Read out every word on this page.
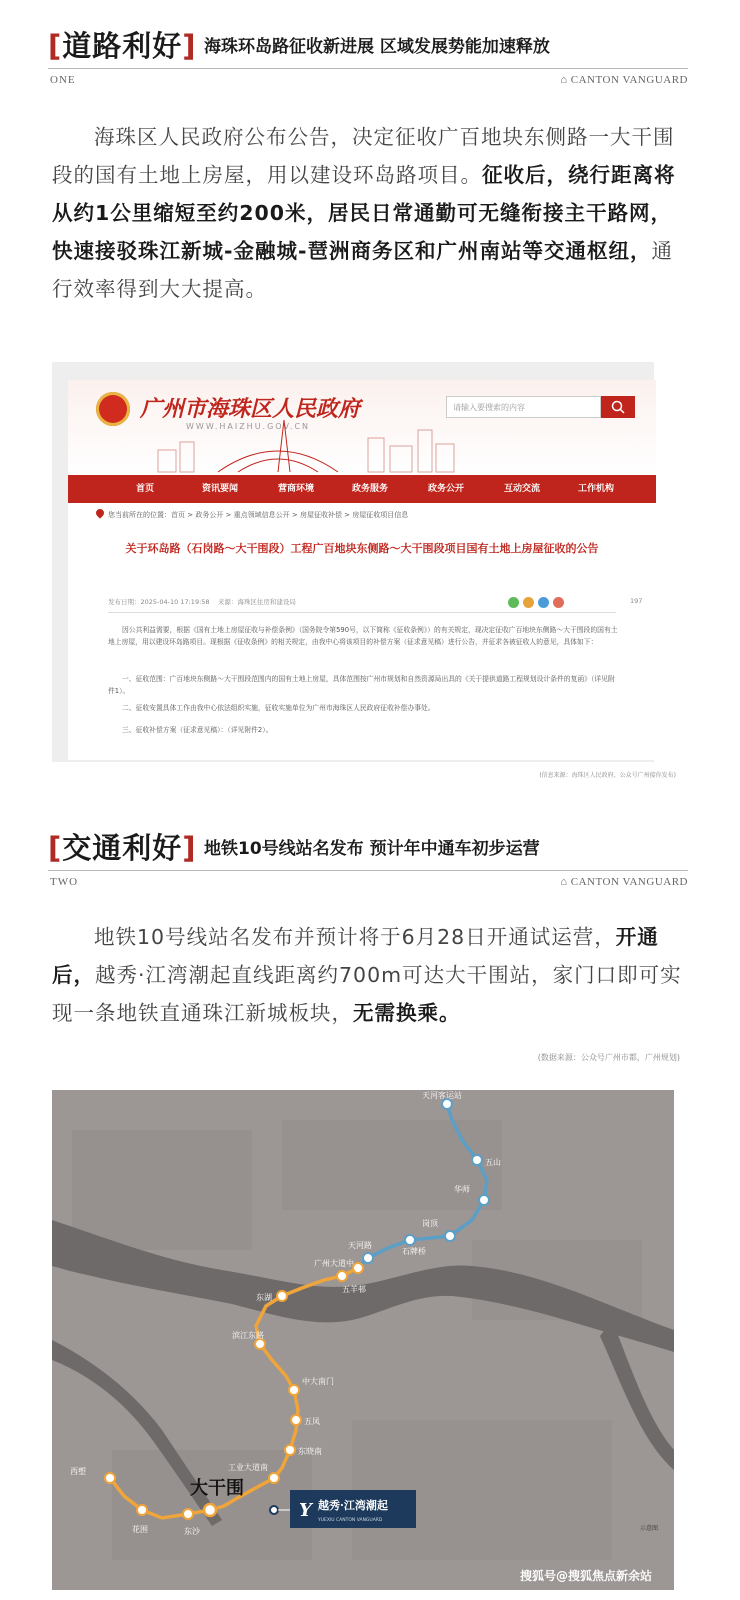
[道路利好] 海珠环岛路征收新进展 区域发展势能加速释放
ONE	⌂ CANTON VANGUARD
海珠区人民政府公布公告，决定征收广百地块东侧路一大干围段的国有土地上房屋，用以建设环岛路项目。征收后，绕行距离将从约1公里缩短至约200米，居民日常通勤可无缝衔接主干路网，快速接驳珠江新城-金融城-琶洲商务区和广州南站等交通枢纽，通行效率得到大大提高。
广州市海珠区人民政府
WWW.HAIZHU.GOV.CN
请输入要搜索的内容
首页	资讯要闻	营商环境	政务服务	政务公开	互动交流	工作机构
您当前所在的位置：首页 > 政务公开 > 重点领域信息公开 > 房屋征收补偿 > 房屋征收项目信息
关于环岛路（石岗路～大干围段）工程广百地块东侧路～大干围段项目国有土地上房屋征收的公告
发布日期：2025-04-10 17:19:58 来源：海珠区住房和建设局	197
因公共利益需要，根据《国有土地上房屋征收与补偿条例》（国务院令第590号，以下简称《征收条例》）的有关规定，现决定征收广百地块东侧路～大干围段的国有土地上房屋，用以建设环岛路项目。现根据《征收条例》的相关规定，由我中心将该项目的补偿方案（征求意见稿）进行公告，并征求各被征收人的意见，具体如下：
一、征收范围：广百地块东侧路～大干围段范围内的国有土地上房屋，具体范围按广州市规划和自然资源局出具的《关于提供道路工程规划设计条件的复函》（详见附件1）。
二、征收安置具体工作由我中心依法组织实施，征收实施单位为广州市海珠区人民政府征收补偿办事处。
三、征收补偿方案（征求意见稿）：（详见附件2）。
(信息来源：海珠区人民政府、公众号广州接你发布)
[交通利好] 地铁10号线站名发布 预计年中通车初步运营
TWO	⌂ CANTON VANGUARD
地铁10号线站名发布并预计将于6月28日开通试运营，开通后，越秀·江湾潮起直线距离约700m可达大干围站，家门口即可实现一条地铁直通珠江新城板块，无需换乘。
(数据来源：公众号广州市都，广州规划)
天河客运站
五山
华师
岗顶
石牌桥
天河路
广州大道中
五羊邨
东湖
滨江东路
中大南门
五凤
东晓南
工业大道南
东沙
花围
西塱
大干围
Y 越秀·江湾潮起
YUEXIU CANTON VANGUARD
示意图
搜狐号@搜狐焦点新余站
